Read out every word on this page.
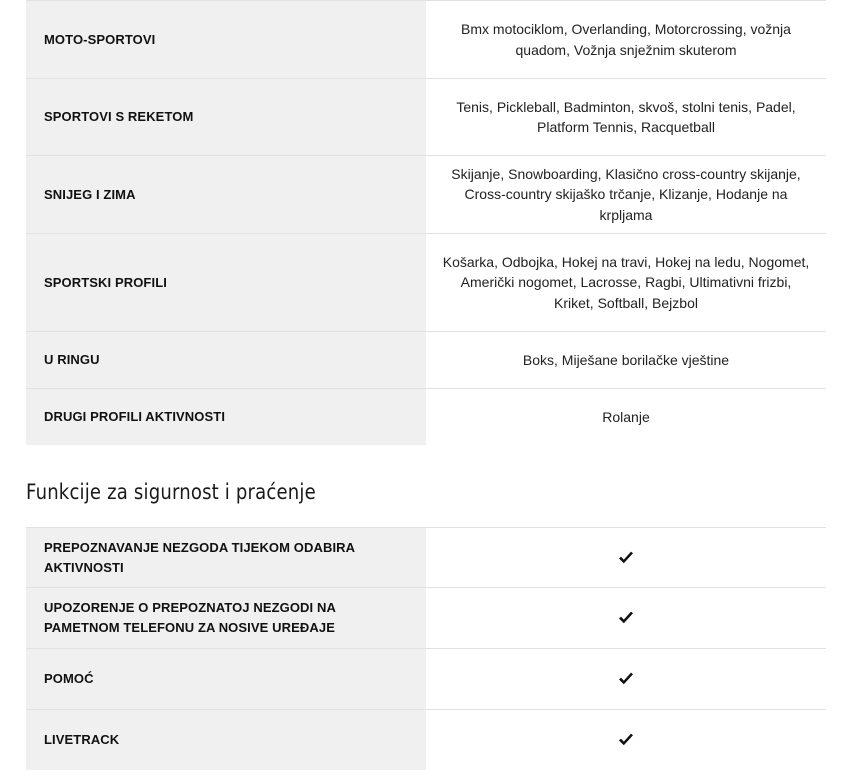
MOTO-SPORTOVI
Bmx motociklom, Overlanding, Motorcrossing, vožnja quadom, Vožnja snježnim skuterom
SPORTOVI S REKETOM
Tenis, Pickleball, Badminton, skvoš, stolni tenis, Padel, Platform Tennis, Racquetball
SNIJEG I ZIMA
Skijanje, Snowboarding, Klasično cross-country skijanje, Cross-country skijaško trčanje, Klizanje, Hodanje na krpljama
SPORTSKI PROFILI
Košarka, Odbojka, Hokej na travi, Hokej na ledu, Nogomet, Američki nogomet, Lacrosse, Ragbi, Ultimativni frizbi, Kriket, Softball, Bejzbol
U RINGU	Boks, Miješane borilačke vještine
DRUGI PROFILI AKTIVNOSTI	Rolanje
Funkcije za sigurnost i praćenje
PREPOZNAVANJE NEZGODA TIJEKOM ODABIRA AKTIVNOSTI
UPOZORENJE O PREPOZNATOJ NEZGODI NA PAMETNOM TELEFONU ZA NOSIVE UREĐAJE
POMOĆ
LIVETRACK
